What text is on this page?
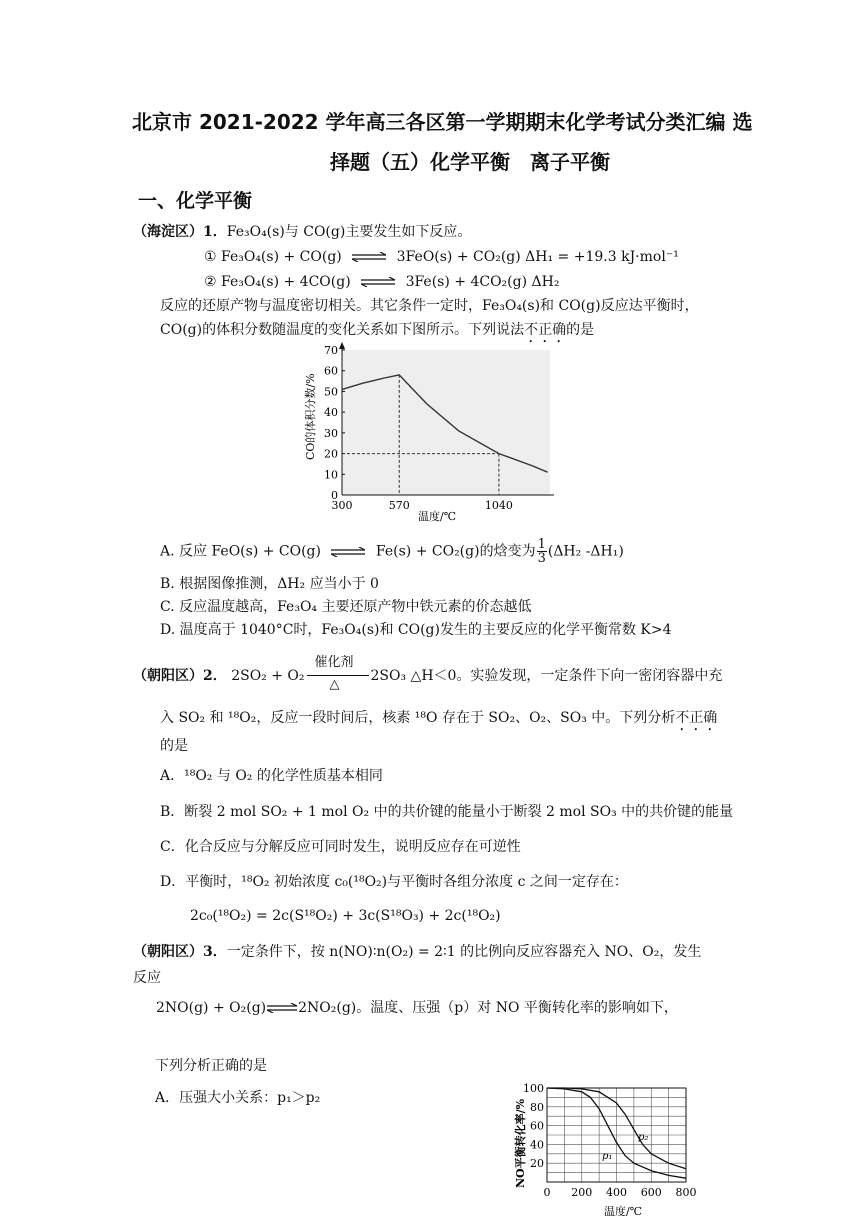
北京市 2021-2022 学年高三各区第一学期期末化学考试分类汇编 选
择题（五）化学平衡　离子平衡
一、化学平衡
（海淀区）1．Fe₃O₄(s)与 CO(g)主要发生如下反应。
① Fe₃O₄(s) + CO(g) ⇌ 3FeO(s) + CO₂(g) ΔH₁ = +19.3 kJ·mol⁻¹
② Fe₃O₄(s) + 4CO(g) ⇌ 3Fe(s) + 4CO₂(g) ΔH₂
反应的还原产物与温度密切相关。其它条件一定时，Fe₃O₄(s)和 CO(g)反应达平衡时，
CO(g)的体积分数随温度的变化关系如下图所示。下列说法不正确的是
70
60
50
40
30
20
10
0
300	570	1040
CO的体积分数/%
温度/℃
A. 反应 FeO(s) + CO(g) ⇌ Fe(s) + CO₂(g)的焓变为 $\frac{1}{3} (\Delta H_2$ -ΔH₁)
B. 根据图像推测，ΔH₂ 应当小于 0
C. 反应温度越高，Fe₃O₄ 主要还原产物中铁元素的价态越低
D. 温度高于 1040°C时，Fe₃O₄(s)和 CO(g)发生的主要反应的化学平衡常数 K>4
（朝阳区）2． 2SO₂ + O₂
催化剂
△
2SO₃ △H＜0。实验发现，一定条件下向一密闭容器中充
入 SO₂ 和 ¹⁸O₂，反应一段时间后，核素 ¹⁸O 存在于 SO₂、O₂、SO₃ 中。下列分析不正确
的是
A．¹⁸O₂ 与 O₂ 的化学性质基本相同
B．断裂 2 mol SO₂ + 1 mol O₂ 中的共价键的能量小于断裂 2 mol SO₃ 中的共价键的能量
C．化合反应与分解反应可同时发生，说明反应存在可逆性
D．平衡时，¹⁸O₂ 初始浓度 c₀(¹⁸O₂)与平衡时各组分浓度 c 之间一定存在：
2c₀(¹⁸O₂) = 2c(S¹⁸O₂) + 3c(S¹⁸O₃) + 2c(¹⁸O₂)
（朝阳区）3．一定条件下，按 n(NO)∶n(O₂) = 2∶1 的比例向反应容器充入 NO、O₂，发生
反应
2NO(g) + O₂(g)⇌2NO₂(g)。温度、压强（p）对 NO 平衡转化率的影响如下，
下列分析正确的是
A．压强大小关系：p₁＞p₂
100
80
60
40
20
0 200 400 600 800
p₁
p₂
NO平衡转化率/%
温度/℃
